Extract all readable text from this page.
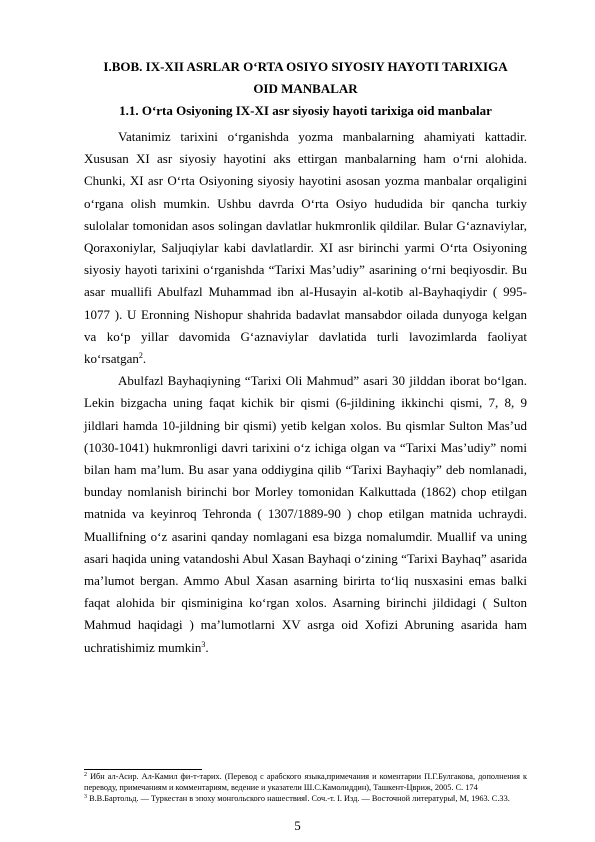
I.BOB. IX-XII ASRLAR O‘RTA OSIYO SIYOSIY HAYOTI TARIXIGA
OID MANBALAR
1.1. O‘rta Osiyoning IX-XI asr siyosiy hayoti tarixiga oid manbalar

Vatanimiz tarixini o‘rganishda yozma manbalarning ahamiyati kattadir. Xususan XI asr siyosiy hayotini aks ettirgan manbalarning ham o‘rni alohida. Chunki, XI asr O‘rta Osiyoning siyosiy hayotini asosan yozma manbalar orqaligini o‘rgana olish mumkin. Ushbu davrda O‘rta Osiyo hududida bir qancha turkiy sulolalar tomonidan asos solingan davlatlar hukmronlik qildilar. Bular G‘aznaviylar, Qoraxoniylar, Saljuqiylar kabi davlatlardir. XI asr birinchi yarmi O‘rta Osiyoning siyosiy hayoti tarixini o‘rganishda “Tarixi Mas’udiy” asarining o‘rni beqiyosdir. Bu asar muallifi Abulfazl Muhammad ibn al-Husayin al-kotib al-Bayhaqiydir ( 995-1077 ). U Eronning Nishopur shahrida badavlat mansabdor oilada dunyoga kelgan va ko‘p yillar davomida G‘aznaviylar davlatida turli lavozimlarda faoliyat ko‘rsatgan$^2$.

Abulfazl Bayhaqiyning “Tarixi Oli Mahmud” asari 30 jilddan iborat bo‘lgan. Lekin bizgacha uning faqat kichik bir qismi (6-jildining ikkinchi qismi, 7, 8, 9 jildlari hamda 10-jildning bir qismi) yetib kelgan xolos. Bu qismlar Sulton Mas’ud (1030-1041) hukmronligi davri tarixini o‘z ichiga olgan va “Tarixi Mas’udiy” nomi bilan ham ma’lum. Bu asar yana oddiygina qilib “Tarixi Bayhaqiy” deb nomlanadi, bunday nomlanish birinchi bor Morley tomonidan Kalkuttada (1862) chop etilgan matnida va keyinroq Tehronda ( 1307/1889-90 ) chop etilgan matnida uchraydi. Muallifning o‘z asarini qanday nomlagani esa bizga nomalumdir. Muallif va uning asari haqida uning vatandoshi Abul Xasan Bayhaqi o‘zining “Tarixi Bayhaq” asarida ma’lumot bergan. Ammo Abul Xasan asarning birirta to‘liq nusxasini emas balki faqat alohida bir qisminigina ko‘rgan xolos. Asarning birinchi jildidagi ( Sulton Mahmud haqidagi ) ma’lumotlarni XV asrga oid Xofizi Abruning asarida ham uchratishimiz mumkin$^3$.

$^2$ Ибн ал-Асир. Ал-Камил фи-т-тарих. (Перевод с арабского языка,примечания и коментарии П.Г.Булгакова, дополнения к переводу, примечаниям и комментариям, ведение и указатели Ш.С.Камолиддин), Ташкент-Цвриж, 2005. С. 174

$^3$ В.В.Бартольд. ― Туркестан в эпоху монгольского нашествия‖. Соч.-т. I. Изд. ― Восточной литературы‖, М, 1963. С.33.

5
